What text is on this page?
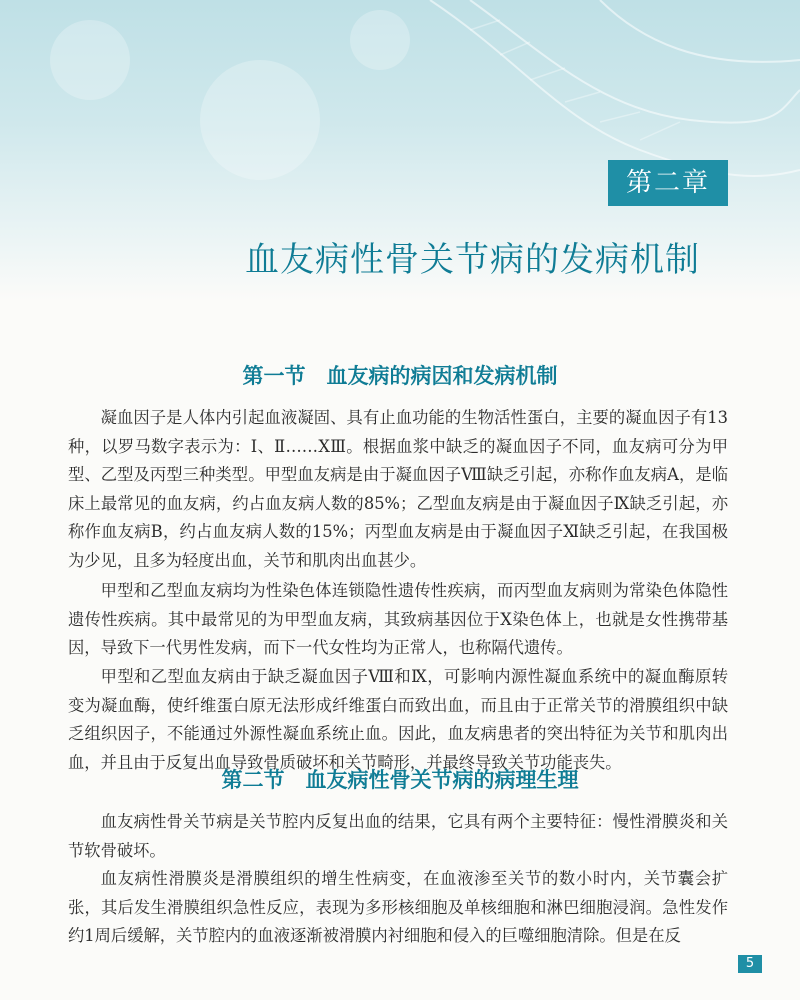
第二章
血友病性骨关节病的发病机制
第一节　血友病的病因和发病机制

凝血因子是人体内引起血液凝固、具有止血功能的生物活性蛋白，主要的凝血因子有13种，以罗马数字表示为：Ⅰ、Ⅱ……ⅩⅢ。根据血浆中缺乏的凝血因子不同，血友病可分为甲型、乙型及丙型三种类型。甲型血友病是由于凝血因子Ⅷ缺乏引起，亦称作血友病A，是临床上最常见的血友病，约占血友病人数的85%；乙型血友病是由于凝血因子Ⅸ缺乏引起，亦称作血友病B，约占血友病人数的15%；丙型血友病是由于凝血因子Ⅺ缺乏引起，在我国极为少见，且多为轻度出血，关节和肌肉出血甚少。

甲型和乙型血友病均为性染色体连锁隐性遗传性疾病，而丙型血友病则为常染色体隐性遗传性疾病。其中最常见的为甲型血友病，其致病基因位于X染色体上，也就是女性携带基因，导致下一代男性发病，而下一代女性均为正常人，也称隔代遗传。

甲型和乙型血友病由于缺乏凝血因子Ⅷ和Ⅸ，可影响内源性凝血系统中的凝血酶原转变为凝血酶，使纤维蛋白原无法形成纤维蛋白而致出血，而且由于正常关节的滑膜组织中缺乏组织因子，不能通过外源性凝血系统止血。因此，血友病患者的突出特征为关节和肌肉出血，并且由于反复出血导致骨质破坏和关节畸形，并最终导致关节功能丧失。

第二节　血友病性骨关节病的病理生理

血友病性骨关节病是关节腔内反复出血的结果，它具有两个主要特征：慢性滑膜炎和关节软骨破坏。

血友病性滑膜炎是滑膜组织的增生性病变，在血液渗至关节的数小时内，关节囊会扩张，其后发生滑膜组织急性反应，表现为多形核细胞及单核细胞和淋巴细胞浸润。急性发作约1周后缓解，关节腔内的血液逐渐被滑膜内衬细胞和侵入的巨噬细胞清除。但是在反

5
